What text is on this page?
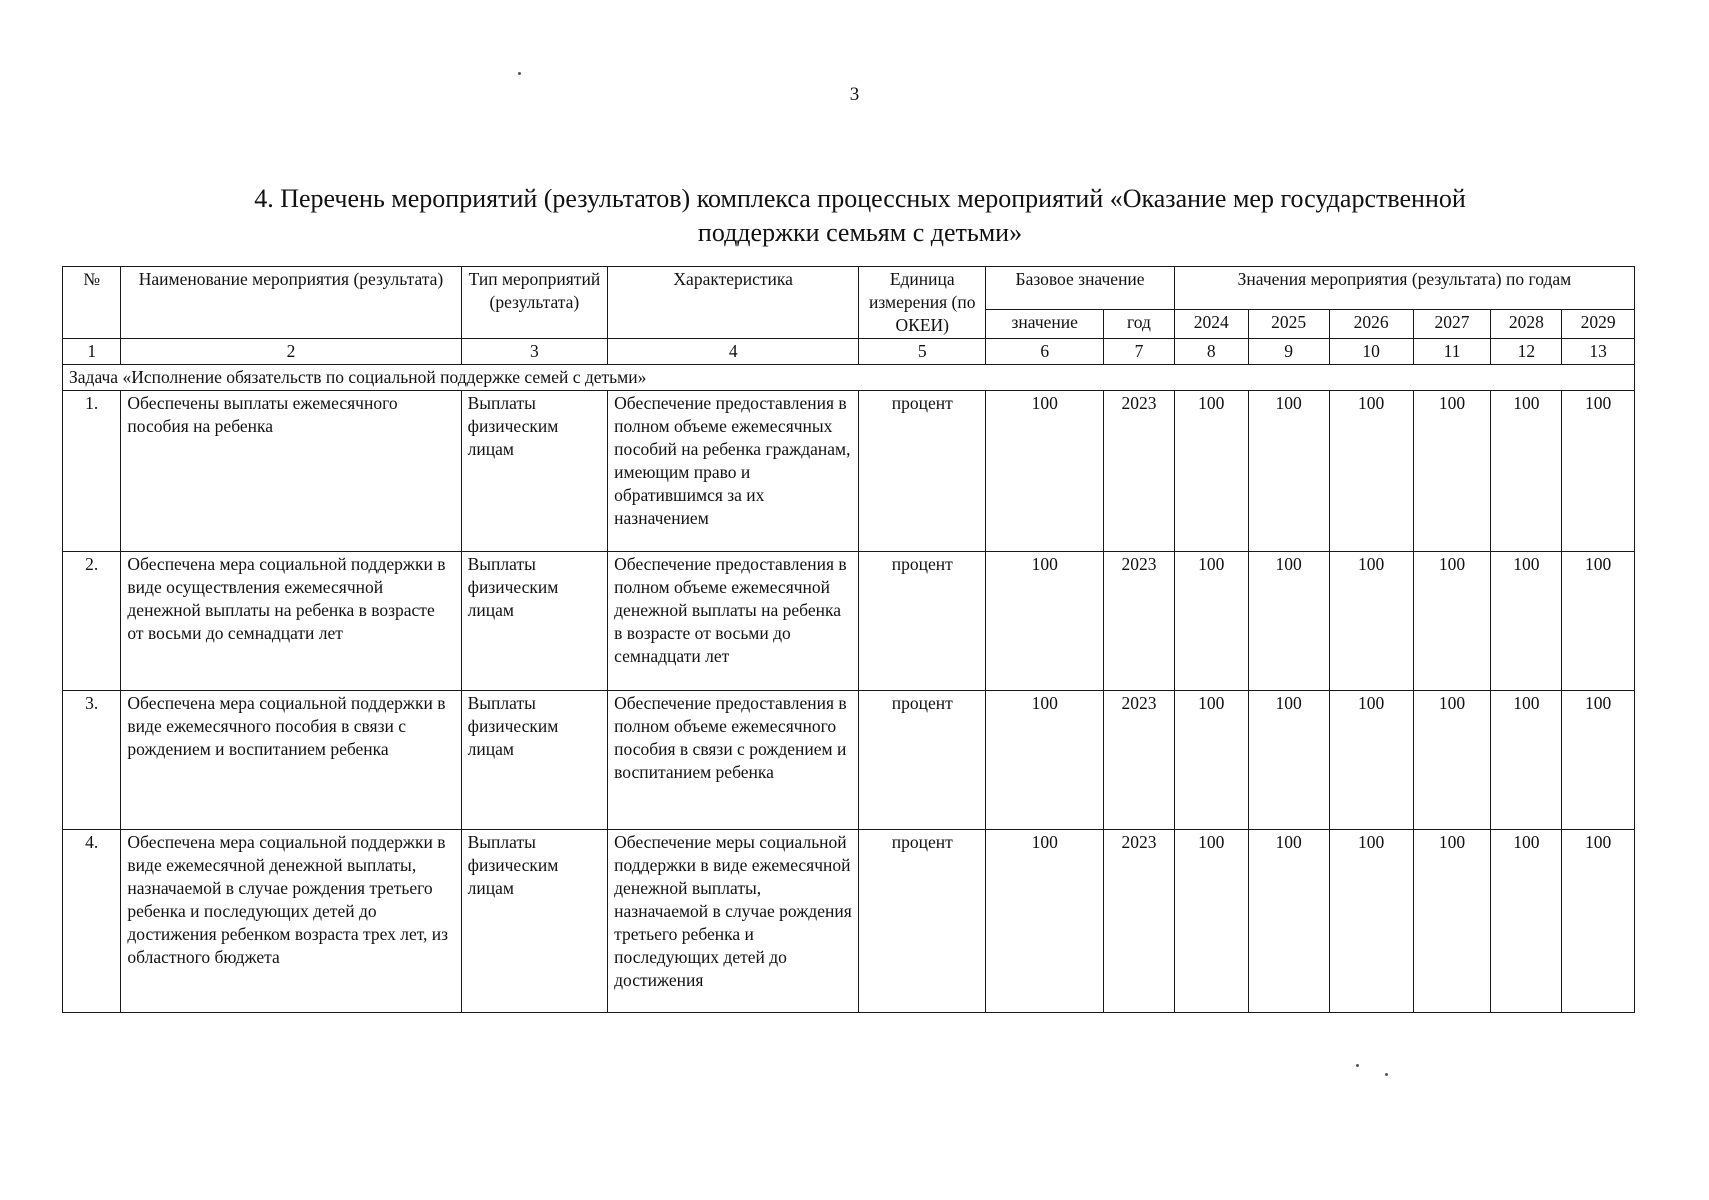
3
4. Перечень мероприятий (результатов) комплекса процессных мероприятий «Оказание мер государственной
поддержки семьям с детьми»
№	Наименование мероприятия (результата)	Тип мероприятий (результата)	Характеристика	Единица измерения (по ОКЕИ)	Базовое значение		Значения мероприятия (результата) по годам					
					значение	год	2024	2025	2026	2027	2028	2029
1	2	3	4	5	6	7	8	9	10	11	12	13
Задача «Исполнение обязательств по социальной поддержке семей с детьми»												
1.	Обеспечены выплаты ежемесячного пособия на ребенка	Выплаты физическим лицам	Обеспечение предоставления в полном объеме ежемесячных пособий на ребенка гражданам, имеющим право и обратившимся за их назначением	процент	100	2023	100	100	100	100	100	100
2.	Обеспечена мера социальной поддержки в виде осуществления ежемесячной денежной выплаты на ребенка в возрасте от восьми до семнадцати лет	Выплаты физическим лицам	Обеспечение предоставления в полном объеме ежемесячной денежной выплаты на ребенка в возрасте от восьми до семнадцати лет	процент	100	2023	100	100	100	100	100	100
3.	Обеспечена мера социальной поддержки в виде ежемесячного пособия в связи с рождением и воспитанием ребенка	Выплаты физическим лицам	Обеспечение предоставления в полном объеме ежемесячного пособия в связи с рождением и воспитанием ребенка	процент	100	2023	100	100	100	100	100	100
4.	Обеспечена мера социальной поддержки в виде ежемесячной денежной выплаты, назначаемой в случае рождения третьего ребенка и последующих детей до достижения ребенком возраста трех лет, из областного бюджета	Выплаты физическим лицам	Обеспечение меры социальной поддержки в виде ежемесячной денежной выплаты, назначаемой в случае рождения третьего ребенка и последующих детей до достижения	процент	100	2023	100	100	100	100	100	100
